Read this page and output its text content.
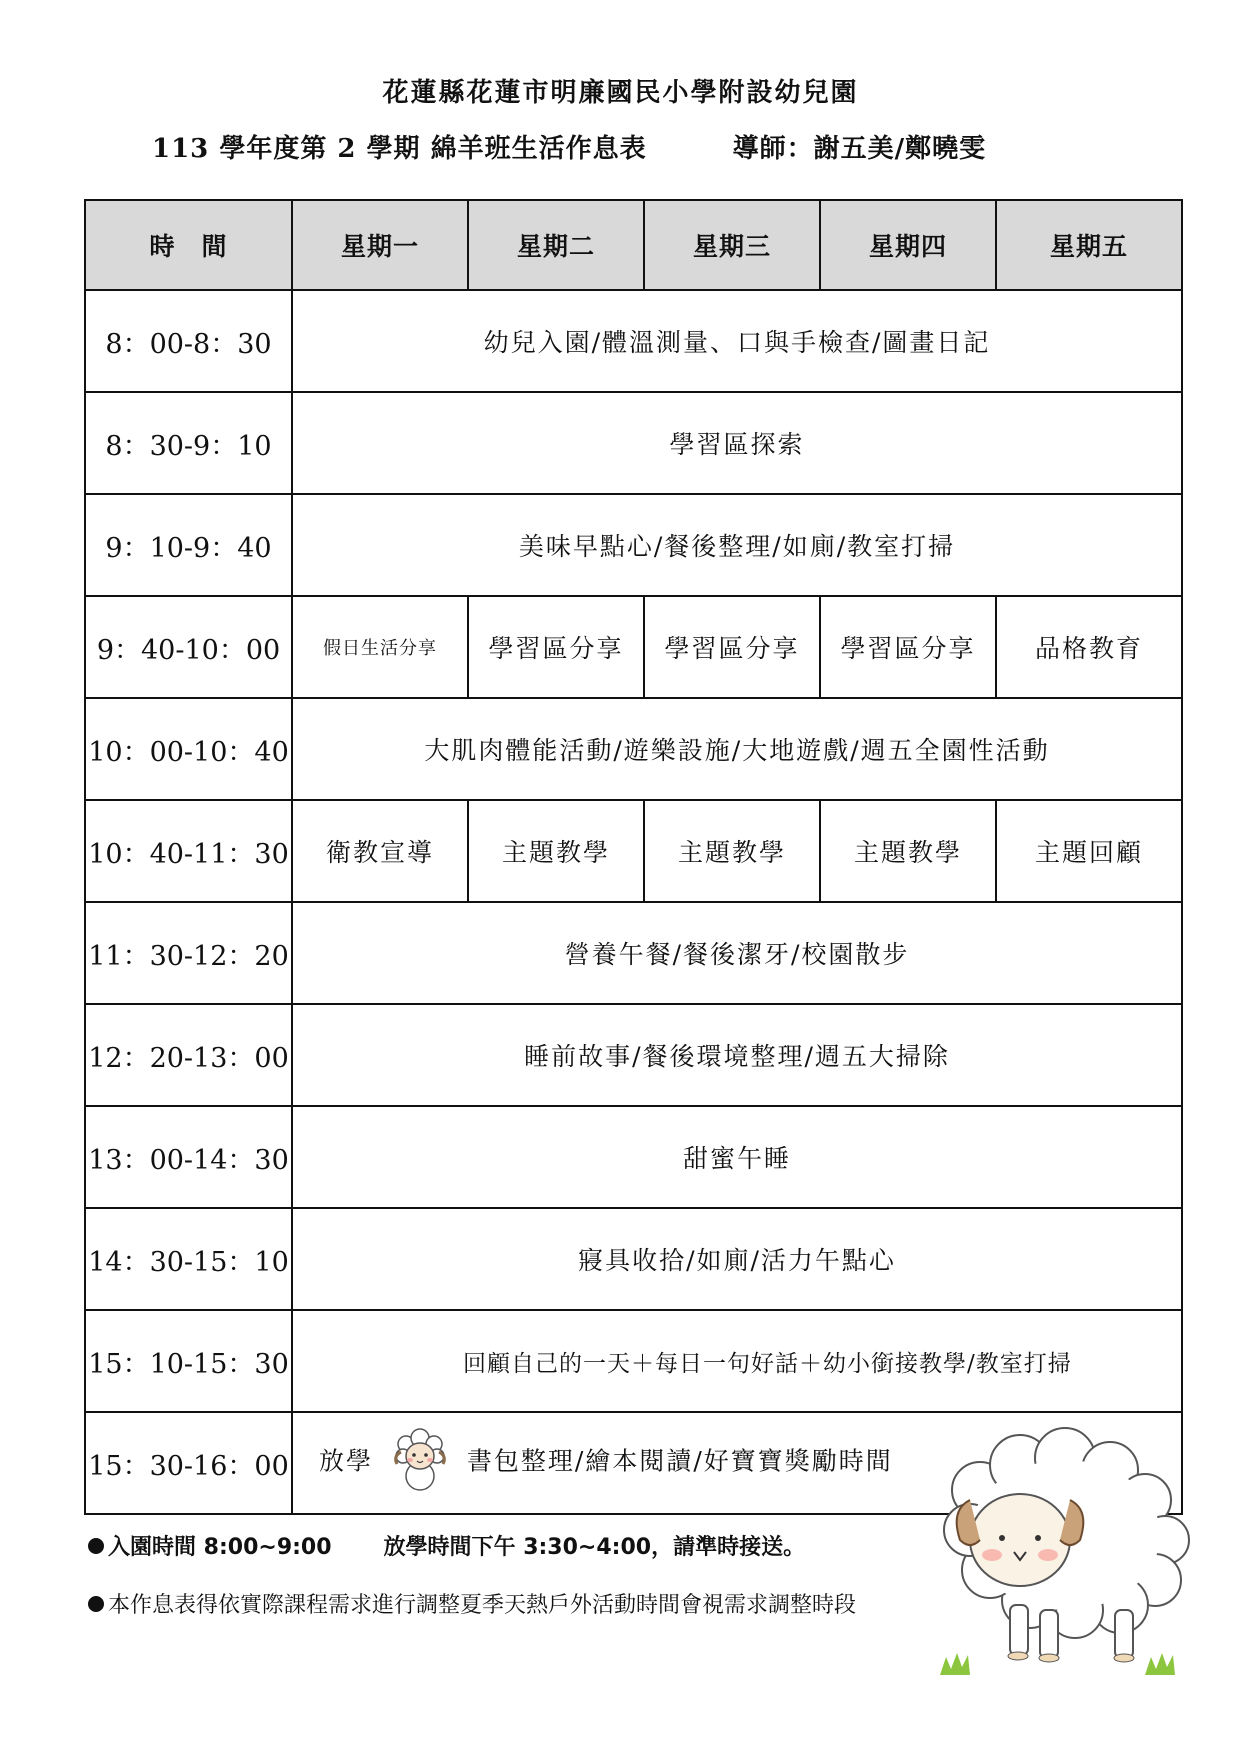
花蓮縣花蓮市明廉國民小學附設幼兒園
113 學年度第 2 學期 綿羊班生活作息表	導師：謝五美/鄭曉雯
時　間	星期一	星期二	星期三	星期四	星期五
8：00-8：30	幼兒入園/體溫測量、口與手檢查/圖畫日記				
8：30-9：10	學習區探索				
9：10-9：40	美味早點心/餐後整理/如廁/教室打掃				
9：40-10：00	假日生活分享	學習區分享	學習區分享	學習區分享	品格教育
10：00-10：40	大肌肉體能活動/遊樂設施/大地遊戲/週五全園性活動				
10：40-11：30	衛教宣導	主題教學	主題教學	主題教學	主題回顧
11：30-12：20	營養午餐/餐後潔牙/校園散步				
12：20-13：00	睡前故事/餐後環境整理/週五大掃除				
13：00-14：30	甜蜜午睡				
14：30-15：10	寢具收拾/如廁/活力午點心				
15：10-15：30	回顧自己的一天＋每日一句好話＋幼小銜接教學/教室打掃				
15：30-16：00	放學 書包整理/繪本閱讀/好寶寶獎勵時間				
入園時間 8:00~9:00 放學時間下午 3:30~4:00，請準時接送。
本作息表得依實際課程需求進行調整夏季天熱戶外活動時間會視需求調整時段
